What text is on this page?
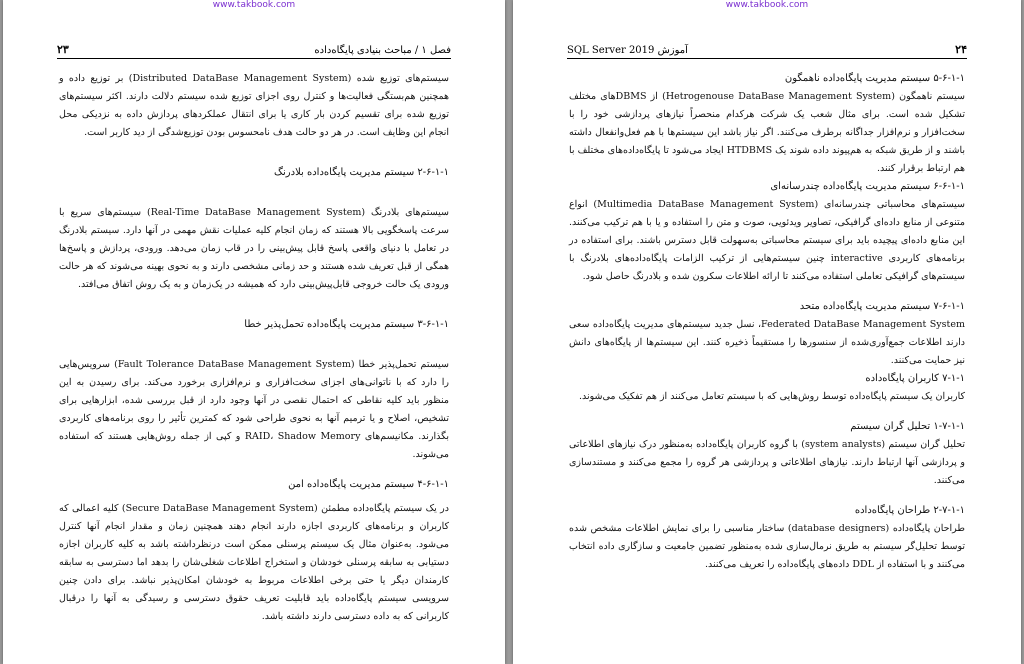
www.takbook.com
۲۳	فصل ۱ / مباحث بنیادی پایگاه‌داده

سیستم‌های توزیع شده (Distributed DataBase Management System) بر توزیع داده و همچنین هم‌بستگی فعالیت‌ها و کنترل روی اجزای توزیع شده سیستم دلالت دارند. اکثر سیستم‌های توزیع شده برای تقسیم کردن بار کاری یا برای انتقال عملکردهای پردازش داده به نزدیکی محل انجام این وظایف است. در هر دو حالت هدف نامحسوس بودن توزیع‌شدگی از دید کاربر است.

۲-۶-۱-۱ سیستم مدیریت پایگاه‌داده بلادرنگ

سیستم‌های بلادرنگ (Real-Time DataBase Management System) سیستم‌های سریع با سرعت پاسخگویی بالا هستند که زمان انجام کلیه عملیات نقش مهمی در آنها دارد. سیستم بلادرنگ در تعامل با دنیای واقعی پاسخ قابل پیش‌بینی را در قاب زمان می‌دهد. ورودی، پردازش و پاسخ‌ها همگی از قبل تعریف شده هستند و حد زمانی مشخصی دارند و به نحوی بهینه می‌شوند که هر حالت ورودی یک حالت خروجی قابل‌پیش‌بینی دارد که همیشه در یک‌زمان و به یک روش اتفاق می‌افتد.

۳-۶-۱-۱ سیستم مدیریت پایگاه‌داده تحمل‌پذیر خطا

سیستم تحمل‌پذیر خطا (Fault Tolerance DataBase Management System) سرویس‌هایی را دارد که با ناتوانی‌های اجزای سخت‌افزاری و نرم‌افزاری برخورد می‌کند. برای رسیدن به این منظور باید کلیه نقاطی که احتمال نقصی در آنها وجود دارد از قبل بررسی شده، ابزارهایی برای تشخیص، اصلاح و یا ترمیم آنها به نحوی طراحی شود که کمترین تأثیر را روی برنامه‌های کاربردی بگذارند. مکانیسم‌های RAID، Shadow Memory و کپی از جمله روش‌هایی هستند که استفاده می‌شوند.

۴-۶-۱-۱ سیستم مدیریت پایگاه‌داده امن

در یک سیستم پایگاه‌داده مطمئن (Secure DataBase Management System) کلیه اعمالی که کاربران و برنامه‌های کاربردی اجازه دارند انجام دهند همچنین زمان و مقدار انجام آنها کنترل می‌شود. به‌عنوان مثال یک سیستم پرسنلی ممکن است درنظرداشته باشد به کلیه کاربران اجازه دستیابی به سابقه پرسنلی خودشان و استخراج اطلاعات شغلی‌شان را بدهد اما دسترسی به سابقه کارمندان دیگر یا حتی برخی اطلاعات مربوط به خودشان امکان‌پذیر نباشد. برای دادن چنین سرویسی سیستم پایگاه‌داده باید قابلیت تعریف حقوق دسترسی و رسیدگی به آنها را درقبال کاربرانی که به داده دسترسی دارند داشته باشد.

www.takbook.com
۲۴
آموزش SQL Server 2019
۵-۶-۱-۱ سیستم مدیریت پایگاه‌داده ناهمگون

سیستم ناهمگون (Hetrogenouse DataBase Management System) از DBMSهای مختلف تشکیل شده است. برای مثال شعب یک شرکت هرکدام منحصراً نیازهای پردازشی خود را با سخت‌افزار و نرم‌افزار جداگانه برطرف می‌کنند. اگر نیاز باشد این سیستم‌ها با هم فعل‌وانفعال داشته باشند و از طریق شبکه به هم‌پیوند داده شوند یک HTDBMS ایجاد می‌شود تا پایگاه‌داده‌های مختلف با هم ارتباط برقرار کنند.

۶-۶-۱-۱ سیستم مدیریت پایگاه‌داده چندرسانه‌ای

سیستم‌های محاسباتی چندرسانه‌ای (Multimedia DataBase Management System) انواع متنوعی از منابع داده‌ای گرافیکی، تصاویر ویدئویی، صوت و متن را استفاده و یا با هم ترکیب می‌کنند. این منابع داده‌ای پیچیده باید برای سیستم محاسباتی به‌سهولت قابل دسترس باشند. برای استفاده در برنامه‌های کاربردی interactive چنین سیستم‌هایی از ترکیب الزامات پایگاه‌داده‌های بلادرنگ با سیستم‌های گرافیکی تعاملی استفاده می‌کنند تا ارائه اطلاعات سکرون شده و بلادرنگ حاصل شود.

۷-۶-۱-۱ سیستم مدیریت پایگاه‌داده متحد

Federated DataBase Management System، نسل جدید سیستم‌های مدیریت پایگاه‌داده سعی دارند اطلاعات جمع‌آوری‌شده از سنسورها را مستقیماً ذخیره کنند. این سیستم‌ها از پایگاه‌های دانش نیز حمایت می‌کنند.

۷-۱-۱ کاربران پایگاه‌داده

کاربران یک سیستم پایگاه‌داده توسط روش‌هایی که با سیستم تعامل می‌کنند از هم تفکیک می‌شوند.

۱-۷-۱-۱ تحلیل گران سیستم

تحلیل گران سیستم (system analysts) با گروه کاربران پایگاه‌داده به‌منظور درک نیازهای اطلاعاتی و پردازشی آنها ارتباط دارند. نیازهای اطلاعاتی و پردازشی هر گروه را مجمع می‌کنند و مستندسازی می‌کنند.

۲-۷-۱-۱ طراحان پایگاه‌داده

طراحان پایگاه‌داده (database designers) ساختار مناسبی را برای نمایش اطلاعات مشخص شده توسط تحلیل‌گر سیستم به طریق نرمال‌سازی شده به‌منظور تضمین جامعیت و سازگاری داده انتخاب می‌کنند و با استفاده از DDL داده‌های پایگاه‌داده را تعریف می‌کنند.
